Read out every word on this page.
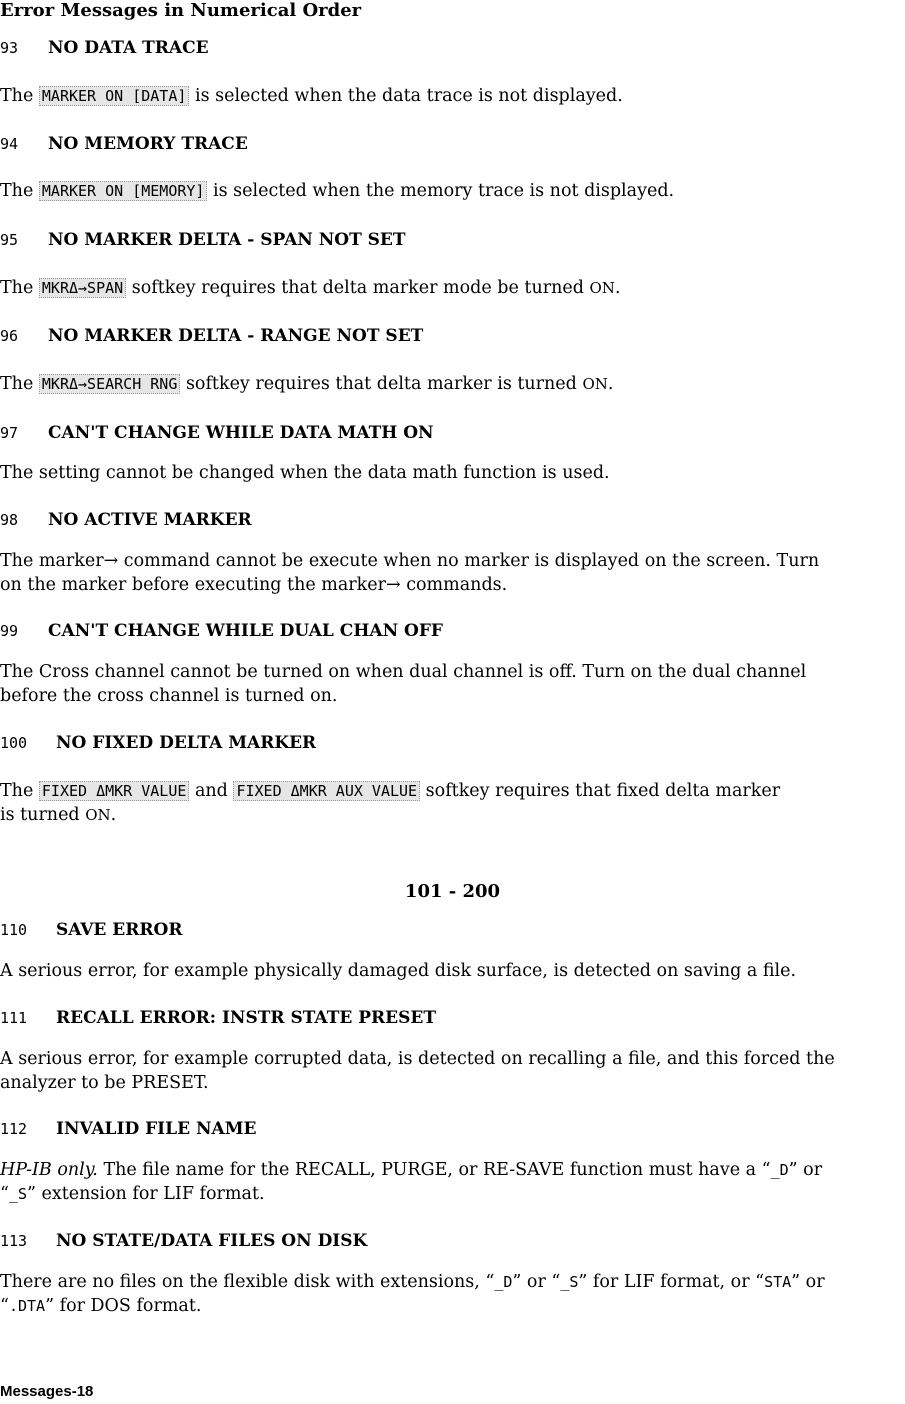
Error Messages in Numerical Order
93 NO DATA TRACE
The MARKER ON [DATA] is selected when the data trace is not displayed.
94 NO MEMORY TRACE
The MARKER ON [MEMORY] is selected when the memory trace is not displayed.
95 NO MARKER DELTA - SPAN NOT SET
The MKRΔ→SPAN softkey requires that delta marker mode be turned ON.
96 NO MARKER DELTA - RANGE NOT SET
The MKRΔ→SEARCH RNG softkey requires that delta marker is turned ON.
97 CAN'T CHANGE WHILE DATA MATH ON
The setting cannot be changed when the data math function is used.
98 NO ACTIVE MARKER
The marker→ command cannot be execute when no marker is displayed on the screen. Turn
on the marker before executing the marker→ commands.
99 CAN'T CHANGE WHILE DUAL CHAN OFF
The Cross channel cannot be turned on when dual channel is off. Turn on the dual channel
before the cross channel is turned on.
100 NO FIXED DELTA MARKER
The FIXED ΔMKR VALUE and FIXED ΔMKR AUX VALUE softkey requires that fixed delta marker
is turned ON.
101 - 200
110 SAVE ERROR
A serious error, for example physically damaged disk surface, is detected on saving a file.
111 RECALL ERROR: INSTR STATE PRESET
A serious error, for example corrupted data, is detected on recalling a file, and this forced the
analyzer to be PRESET.
112 INVALID FILE NAME
HP-IB only. The file name for the RECALL, PURGE, or RE-SAVE function must have a “_D” or
“_S” extension for LIF format.
113 NO STATE/DATA FILES ON DISK
There are no files on the flexible disk with extensions, “_D” or “_S” for LIF format, or “STA” or
“.DTA” for DOS format.
Messages-18
